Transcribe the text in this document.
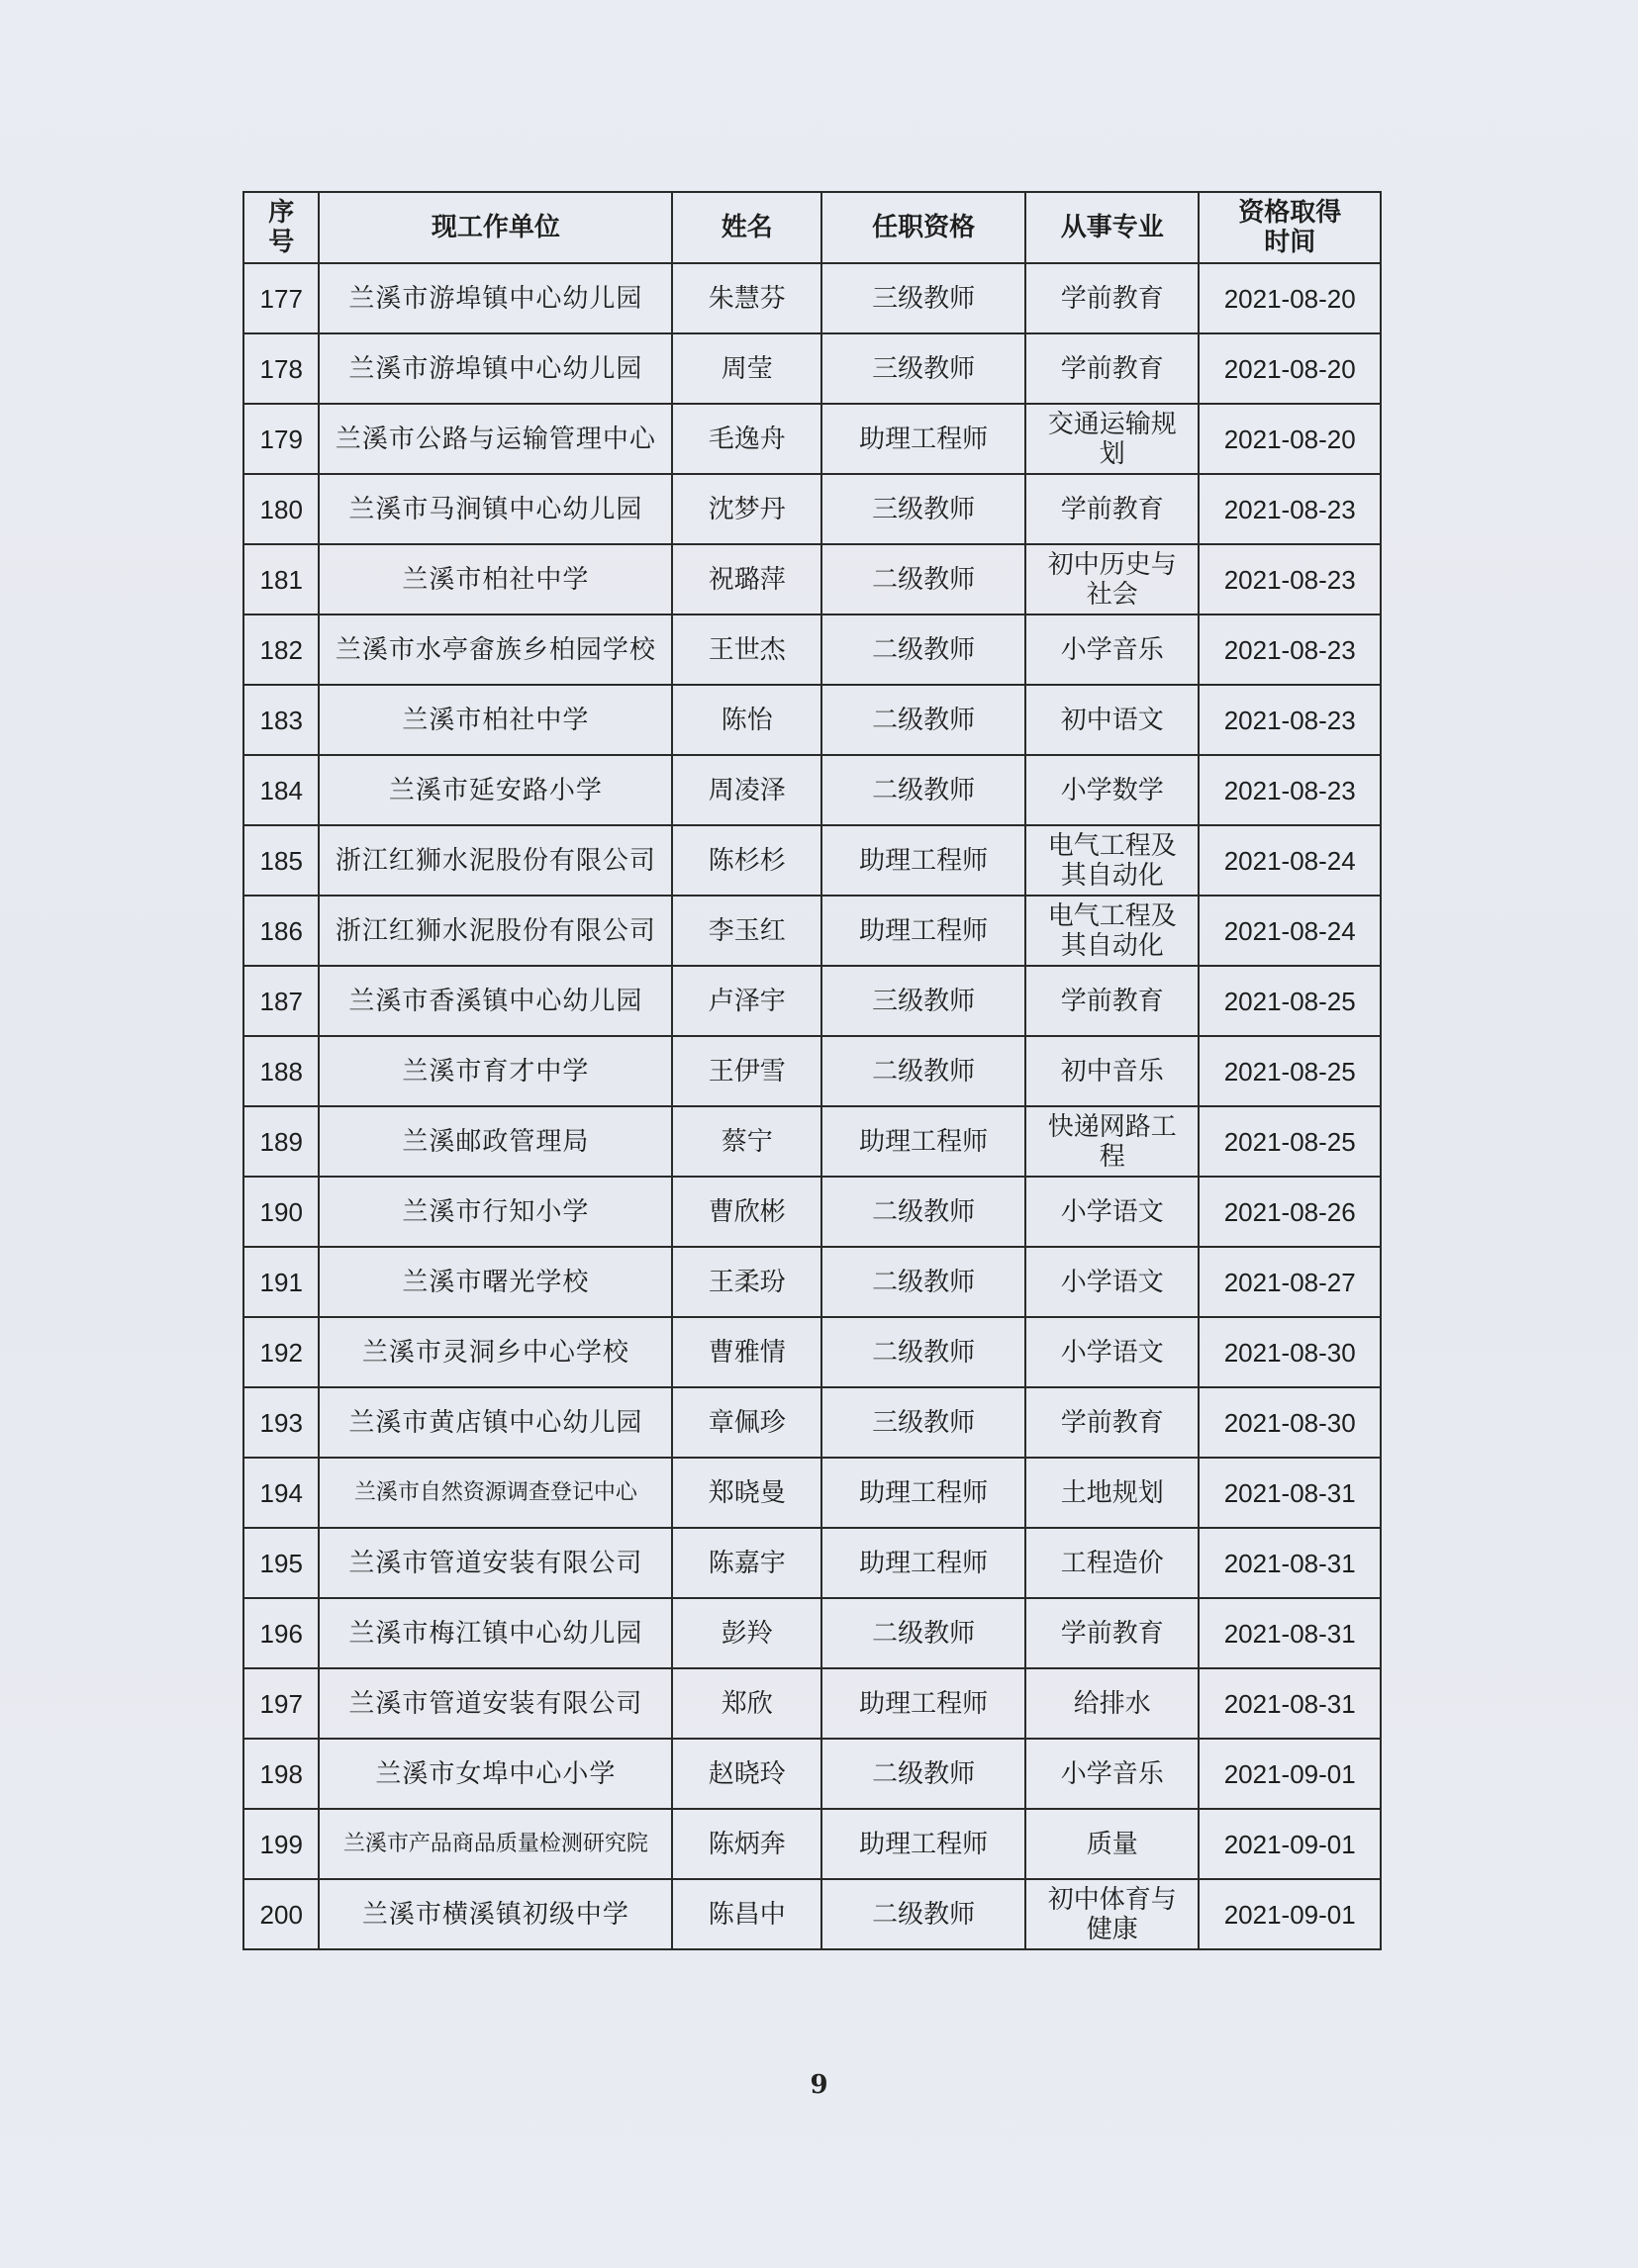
序号	现工作单位	姓名	任职资格	从事专业	资格取得时间
177	兰溪市游埠镇中心幼儿园	朱慧芬	三级教师	学前教育	2021-08-20
178	兰溪市游埠镇中心幼儿园	周莹	三级教师	学前教育	2021-08-20
179	兰溪市公路与运输管理中心	毛逸舟	助理工程师	交通运输规划	2021-08-20
180	兰溪市马涧镇中心幼儿园	沈梦丹	三级教师	学前教育	2021-08-23
181	兰溪市柏社中学	祝璐萍	二级教师	初中历史与社会	2021-08-23
182	兰溪市水亭畲族乡柏园学校	王世杰	二级教师	小学音乐	2021-08-23
183	兰溪市柏社中学	陈怡	二级教师	初中语文	2021-08-23
184	兰溪市延安路小学	周凌泽	二级教师	小学数学	2021-08-23
185	浙江红狮水泥股份有限公司	陈杉杉	助理工程师	电气工程及其自动化	2021-08-24
186	浙江红狮水泥股份有限公司	李玉红	助理工程师	电气工程及其自动化	2021-08-24
187	兰溪市香溪镇中心幼儿园	卢泽宇	三级教师	学前教育	2021-08-25
188	兰溪市育才中学	王伊雪	二级教师	初中音乐	2021-08-25
189	兰溪邮政管理局	蔡宁	助理工程师	快递网路工程	2021-08-25
190	兰溪市行知小学	曹欣彬	二级教师	小学语文	2021-08-26
191	兰溪市曙光学校	王柔玢	二级教师	小学语文	2021-08-27
192	兰溪市灵洞乡中心学校	曹雅情	二级教师	小学语文	2021-08-30
193	兰溪市黄店镇中心幼儿园	章佩珍	三级教师	学前教育	2021-08-30
194	兰溪市自然资源调查登记中心	郑晓曼	助理工程师	土地规划	2021-08-31
195	兰溪市管道安装有限公司	陈嘉宇	助理工程师	工程造价	2021-08-31
196	兰溪市梅江镇中心幼儿园	彭羚	二级教师	学前教育	2021-08-31
197	兰溪市管道安装有限公司	郑欣	助理工程师	给排水	2021-08-31
198	兰溪市女埠中心小学	赵晓玲	二级教师	小学音乐	2021-09-01
199	兰溪市产品商品质量检测研究院	陈炳奔	助理工程师	质量	2021-09-01
200	兰溪市横溪镇初级中学	陈昌中	二级教师	初中体育与健康	2021-09-01
9
